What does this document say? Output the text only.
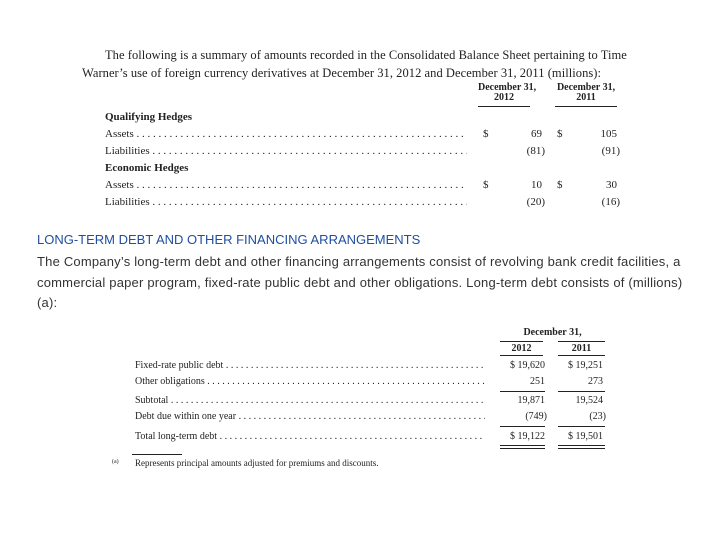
The following is a summary of amounts recorded in the Consolidated Balance Sheet pertaining to Time
Warner’s use of foreign currency derivatives at December 31, 2012 and December 31, 2011 (millions):
December 31,
2012
December 31,
2011
Qualifying Hedges
Assets . . .	$	69 $	105
Liabilities . . .	(81)	(91)
Economic Hedges
Assets . . .	$	10 $	30
Liabilities . . .	(20)	(16)
LONG-TERM DEBT AND OTHER FINANCING ARRANGEMENTS
The Company’s long-term debt and other financing arrangements consist of revolving bank credit facilities, a commercial paper program, fixed-rate public debt and other obligations. Long-term debt consists of (millions)(a):
December 31,
2012	2011
Fixed-rate public debt . . .	$ 19,620	$ 19,251
Other obligations . . .	251	273
Subtotal . . .	19,871	19,524
Debt due within one year . . .	(749)	(23)
Total long-term debt . . .	$ 19,122	$ 19,501
(a) Represents principal amounts adjusted for premiums and discounts.
